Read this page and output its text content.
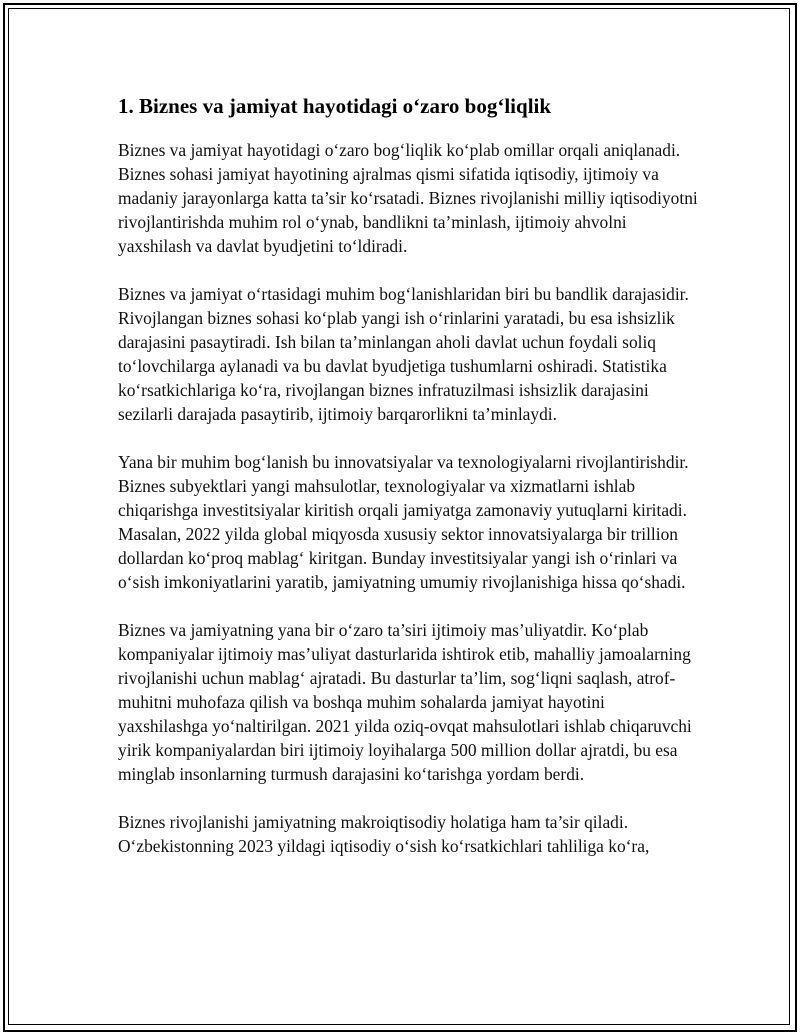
1. Biznes va jamiyat hayotidagi o‘zaro bog‘liqlik

Biznes va jamiyat hayotidagi o‘zaro bog‘liqlik ko‘plab omillar orqali aniqlanadi. Biznes sohasi jamiyat hayotining ajralmas qismi sifatida iqtisodiy, ijtimoiy va madaniy jarayonlarga katta ta’sir ko‘rsatadi. Biznes rivojlanishi milliy iqtisodiyotni rivojlantirishda muhim rol o‘ynab, bandlikni ta’minlash, ijtimoiy ahvolni yaxshilash va davlat byudjetini to‘ldiradi.

Biznes va jamiyat o‘rtasidagi muhim bog‘lanishlaridan biri bu bandlik darajasidir. Rivojlangan biznes sohasi ko‘plab yangi ish o‘rinlarini yaratadi, bu esa ishsizlik darajasini pasaytiradi. Ish bilan ta’minlangan aholi davlat uchun foydali soliq to‘lovchilarga aylanadi va bu davlat byudjetiga tushumlarni oshiradi. Statistika ko‘rsatkichlariga ko‘ra, rivojlangan biznes infratuzilmasi ishsizlik darajasini sezilarli darajada pasaytirib, ijtimoiy barqarorlikni ta’minlaydi.

Yana bir muhim bog‘lanish bu innovatsiyalar va texnologiyalarni rivojlantirishdir. Biznes subyektlari yangi mahsulotlar, texnologiyalar va xizmatlarni ishlab chiqarishga investitsiyalar kiritish orqali jamiyatga zamonaviy yutuqlarni kiritadi. Masalan, 2022 yilda global miqyosda xususiy sektor innovatsiyalarga bir trillion dollardan ko‘proq mablag‘ kiritgan. Bunday investitsiyalar yangi ish o‘rinlari va o‘sish imkoniyatlarini yaratib, jamiyatning umumiy rivojlanishiga hissa qo‘shadi.

Biznes va jamiyatning yana bir o‘zaro ta’siri ijtimoiy mas’uliyatdir. Ko‘plab kompaniyalar ijtimoiy mas’uliyat dasturlarida ishtirok etib, mahalliy jamoalarning rivojlanishi uchun mablag‘ ajratadi. Bu dasturlar ta’lim, sog‘liqni saqlash, atrof-muhitni muhofaza qilish va boshqa muhim sohalarda jamiyat hayotini yaxshilashga yo‘naltirilgan. 2021 yilda oziq-ovqat mahsulotlari ishlab chiqaruvchi yirik kompaniyalardan biri ijtimoiy loyihalarga 500 million dollar ajratdi, bu esa minglab insonlarning turmush darajasini ko‘tarishga yordam berdi.

Biznes rivojlanishi jamiyatning makroiqtisodiy holatiga ham ta’sir qiladi. O‘zbekistonning 2023 yildagi iqtisodiy o‘sish ko‘rsatkichlari tahliliga ko‘ra,
